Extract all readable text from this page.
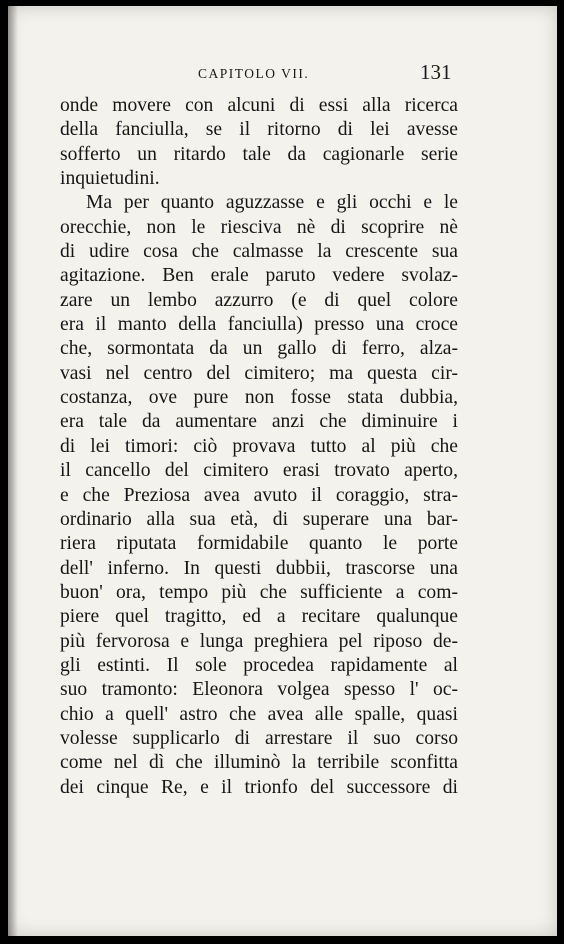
CAPITOLO VII.	131
onde movere con alcuni di essi alla ricerca
della fanciulla, se il ritorno di lei avesse
sofferto un ritardo tale da cagionarle serie
inquietudini.
Ma per quanto aguzzasse e gli occhi e le
orecchie, non le riesciva nè di scoprire nè
di udire cosa che calmasse la crescente sua
agitazione. Ben erale paruto vedere svolaz-
zare un lembo azzurro (e di quel colore
era il manto della fanciulla) presso una croce
che, sormontata da un gallo di ferro, alza-
vasi nel centro del cimitero; ma questa cir-
costanza, ove pure non fosse stata dubbia,
era tale da aumentare anzi che diminuire i
di lei timori: ciò provava tutto al più che
il cancello del cimitero erasi trovato aperto,
e che Preziosa avea avuto il coraggio, stra-
ordinario alla sua età, di superare una bar-
riera riputata formidabile quanto le porte
dell' inferno. In questi dubbii, trascorse una
buon' ora, tempo più che sufficiente a com-
piere quel tragitto, ed a recitare qualunque
più fervorosa e lunga preghiera pel riposo de-
gli estinti. Il sole procedea rapidamente al
suo tramonto: Eleonora volgea spesso l' oc-
chio a quell' astro che avea alle spalle, quasi
volesse supplicarlo di arrestare il suo corso
come nel dì che illuminò la terribile sconfitta
dei cinque Re, e il trionfo del successore di
